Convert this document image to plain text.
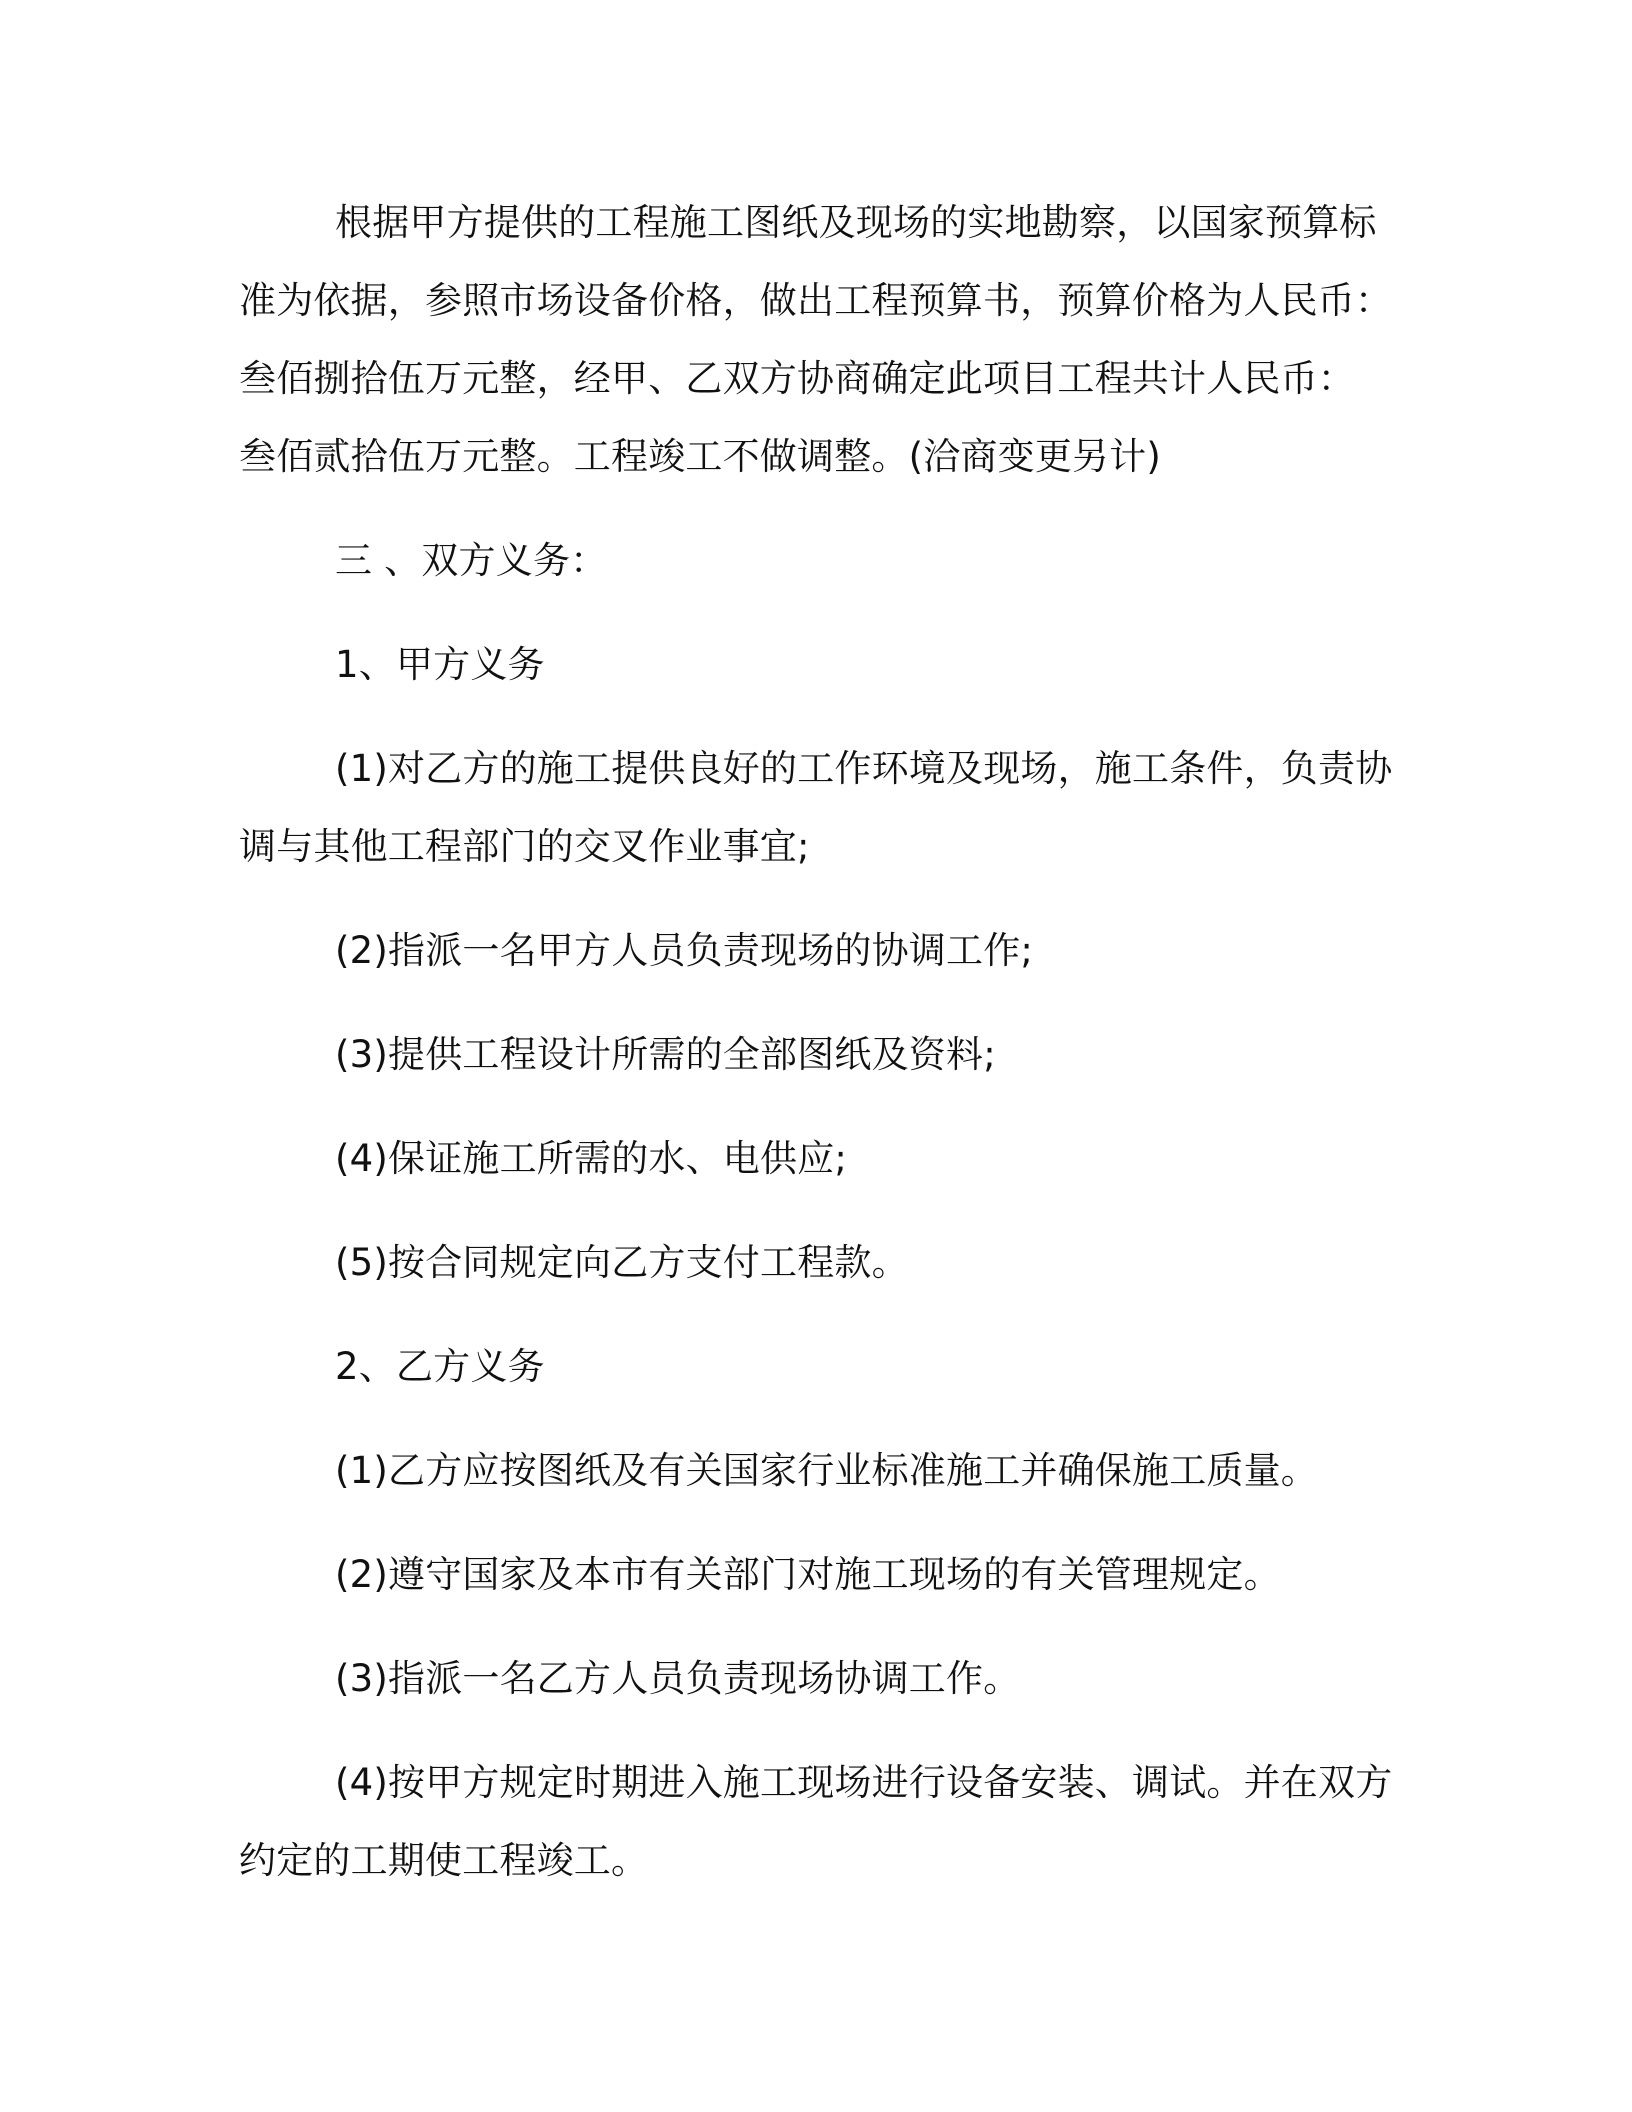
根据甲方提供的工程施工图纸及现场的实地勘察，以国家预算标
准为依据，参照市场设备价格，做出工程预算书，预算价格为人民币：
叁佰捌拾伍万元整，经甲、乙双方协商确定此项目工程共计人民币：
叁佰贰拾伍万元整。工程竣工不做调整。(洽商变更另计)

三 、双方义务：

1、甲方义务

(1)对乙方的施工提供良好的工作环境及现场，施工条件，负责协
调与其他工程部门的交叉作业事宜;

(2)指派一名甲方人员负责现场的协调工作;

(3)提供工程设计所需的全部图纸及资料;

(4)保证施工所需的水、电供应;

(5)按合同规定向乙方支付工程款。

2、乙方义务

(1)乙方应按图纸及有关国家行业标准施工并确保施工质量。

(2)遵守国家及本市有关部门对施工现场的有关管理规定。

(3)指派一名乙方人员负责现场协调工作。

(4)按甲方规定时期进入施工现场进行设备安装、调试。并在双方
约定的工期使工程竣工。
